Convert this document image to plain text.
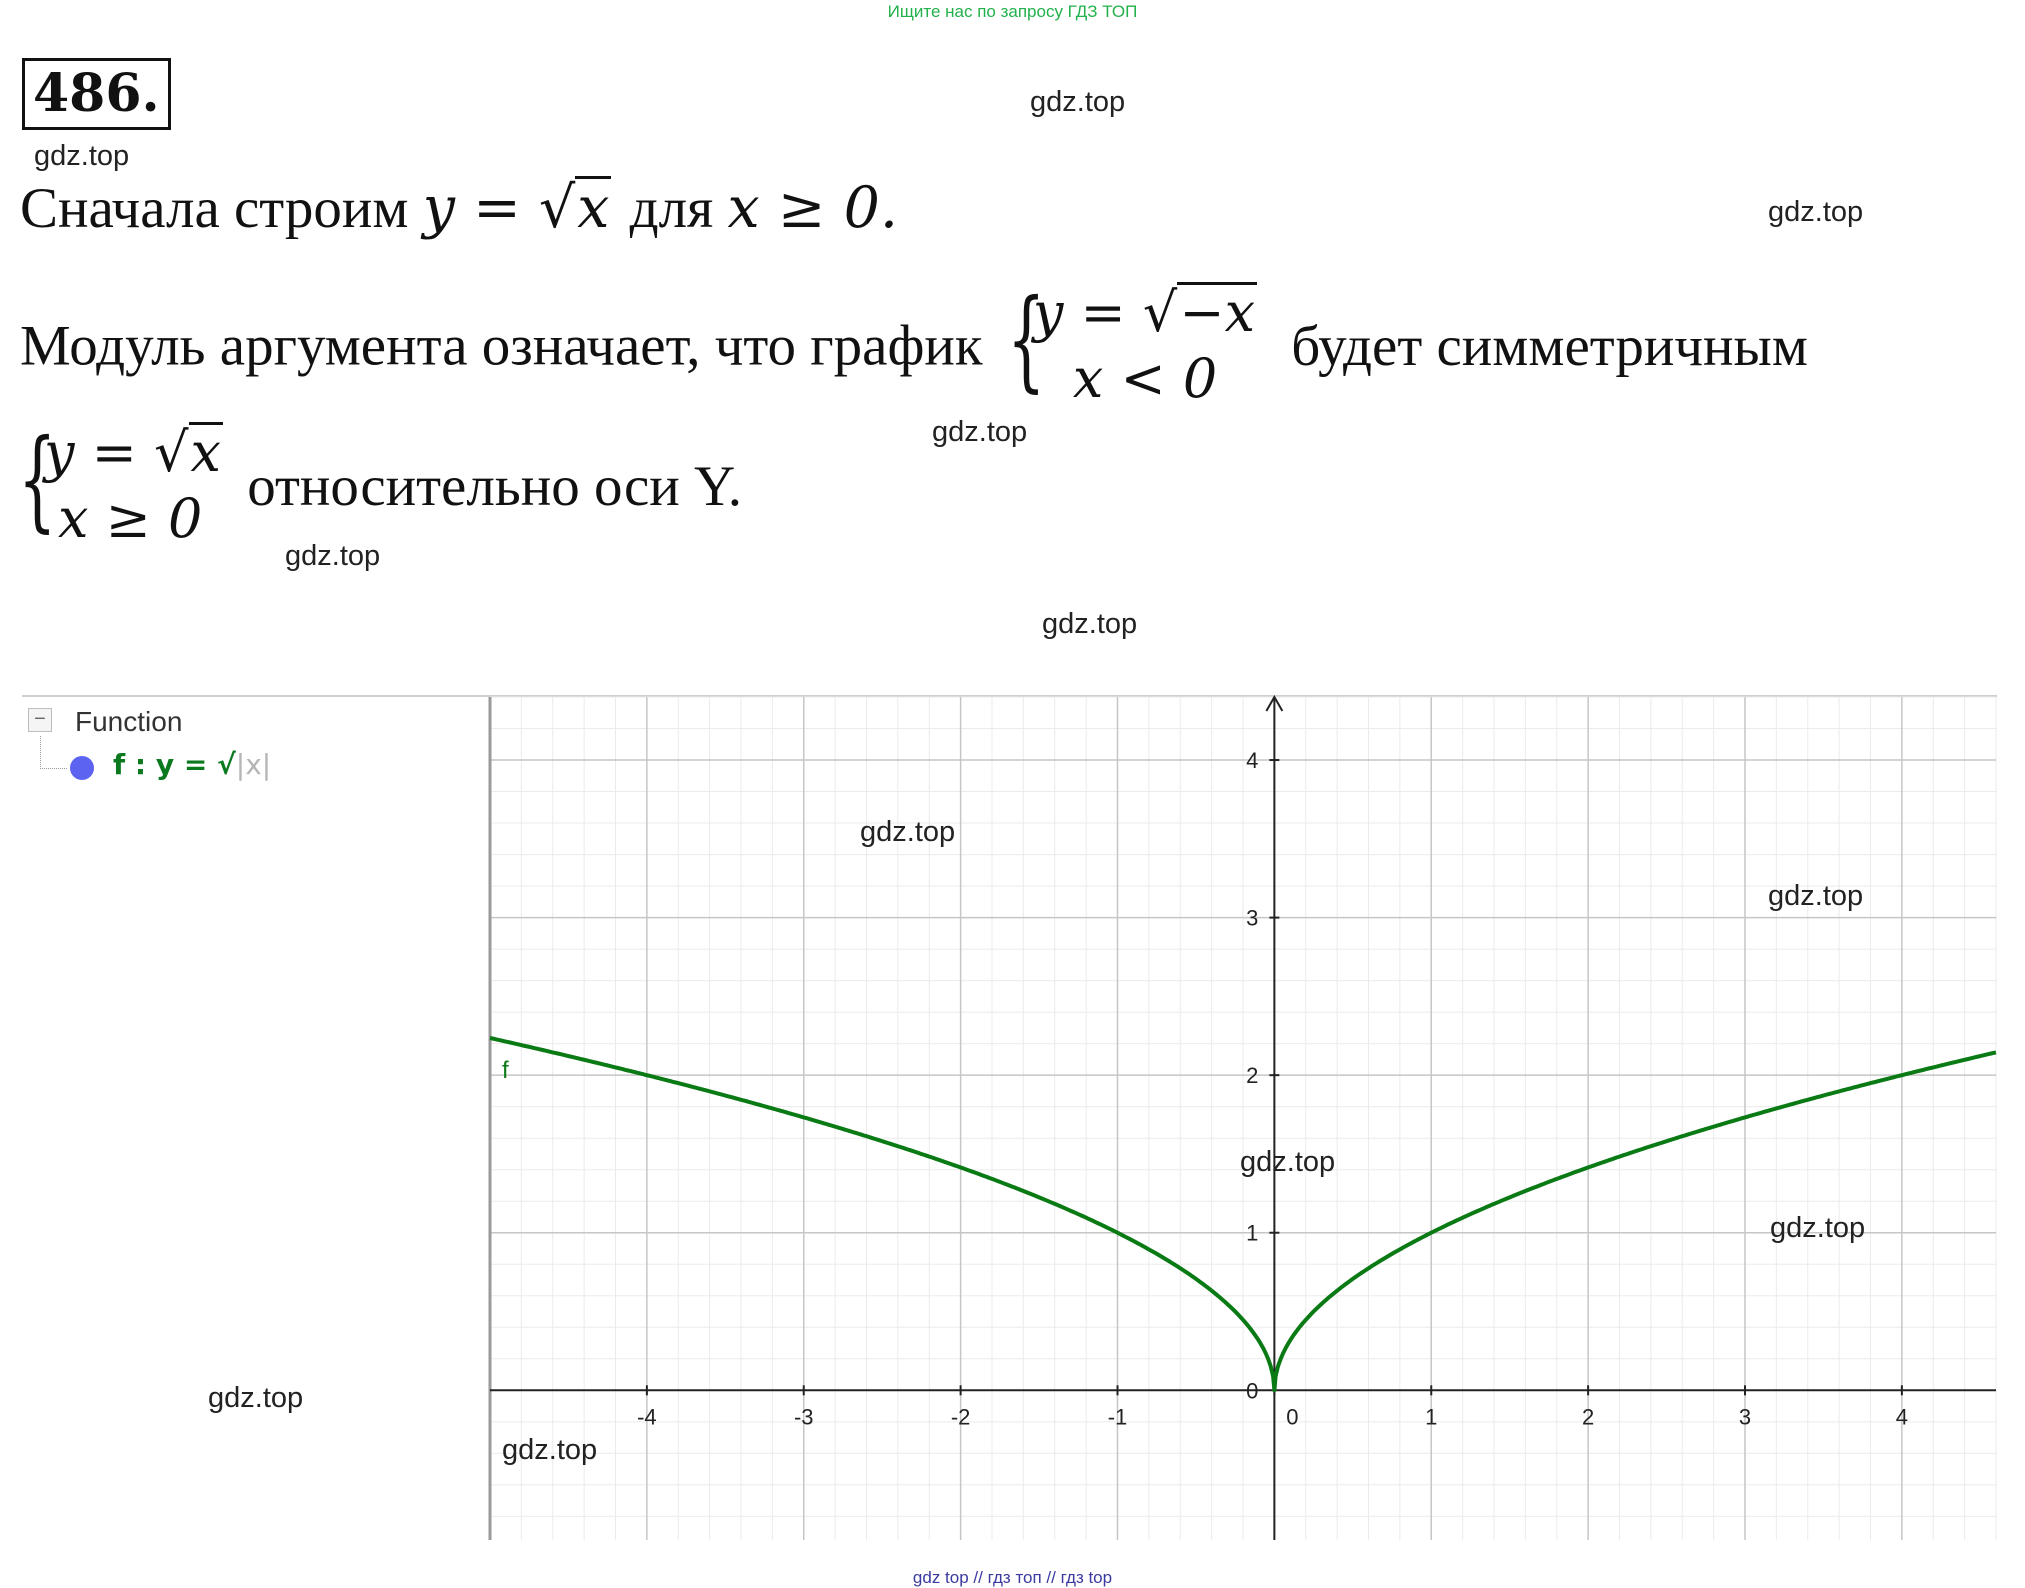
Ищите нас по запросу ГДЗ ТОП
486.	gdz.top
gdz.top
gdz.top
gdz.top
gdz.top
gdz.top
Сначала строим y = √x для x ≥ 0.
Модуль аргумента означает, что график {
y = √−x
x < 0
будет симметричным
{
y = √x
x ≥ 0
относительно оси Y.
− Function
f : y = √|x|
-4	-3	-2	-1	0	1	2	3	4
0
1
2
3
4
f
gdz.top
gdz.top
gdz.top
gdz.top
gdz.top
gdz.top
gdz top // гдз топ // гдз top
